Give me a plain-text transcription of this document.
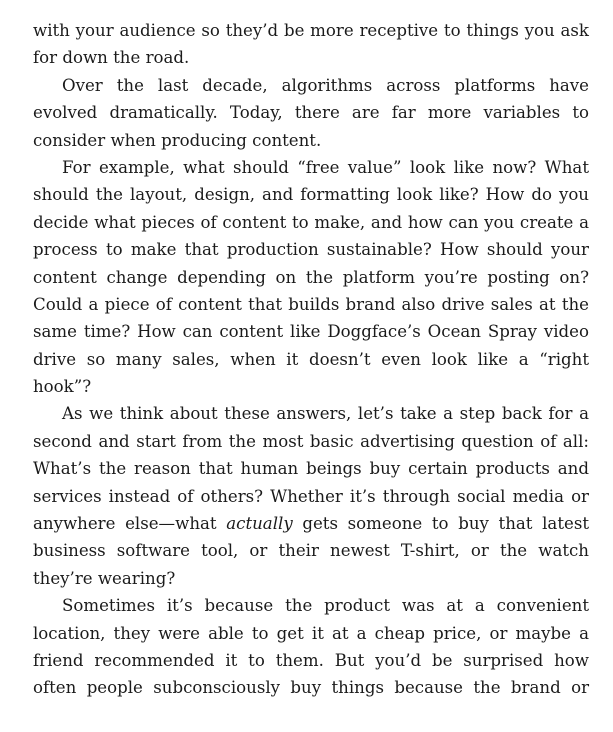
with your audience so they’d be more receptive to things you ask
for down the road.
Over the last decade, algorithms across platforms have
evolved dramatically. Today, there are far more variables to
consider when producing content.
For example, what should “free value” look like now? What
should the layout, design, and formatting look like? How do you
decide what pieces of content to make, and how can you create a
process to make that production sustainable? How should your
content change depending on the platform you’re posting on?
Could a piece of content that builds brand also drive sales at the
same time? How can content like Doggface’s Ocean Spray video
drive so many sales, when it doesn’t even look like a “right
hook”?
As we think about these answers, let’s take a step back for a
second and start from the most basic advertising question of all:
What’s the reason that human beings buy certain products and
services instead of others? Whether it’s through social media or
anywhere else—what actually gets someone to buy that latest
business software tool, or their newest T-shirt, or the watch
they’re wearing?
Sometimes it’s because the product was at a convenient
location, they were able to get it at a cheap price, or maybe a
friend recommended it to them. But you’d be surprised how
often people subconsciously buy things because the brand or
